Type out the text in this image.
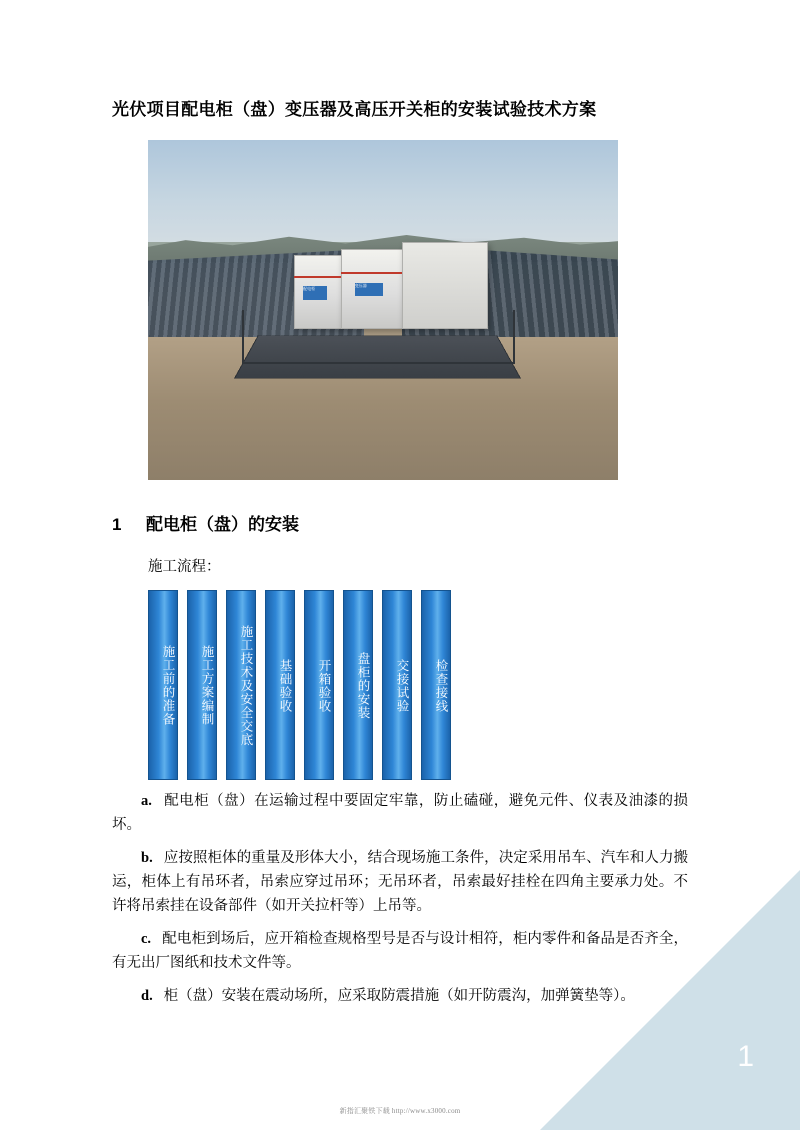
光伏项目配电柜（盘）变压器及高压开关柜的安装试验技术方案
配电柜
变压器
1	配电柜（盘）的安装
施工流程：
施工前的准备	施工方案编制	施工技术及安全交底	基础验收	开箱验收	盘柜的安装	交接试验	检查接线

a. 配电柜（盘）在运输过程中要固定牢靠，防止磕碰，避免元件、仪表及油漆的损坏。

b. 应按照柜体的重量及形体大小，结合现场施工条件，决定采用吊车、汽车和人力搬运，柜体上有吊环者，吊索应穿过吊环；无吊环者，吊索最好挂栓在四角主要承力处。不许将吊索挂在设备部件（如开关拉杆等）上吊等。

c. 配电柜到场后，应开箱检查规格型号是否与设计相符，柜内零件和备品是否齐全，有无出厂图纸和技术文件等。

d. 柜（盘）安装在震动场所，应采取防震措施（如开防震沟，加弹簧垫等）。

1
新指汇聚铁下载 http://www.x3000.com
